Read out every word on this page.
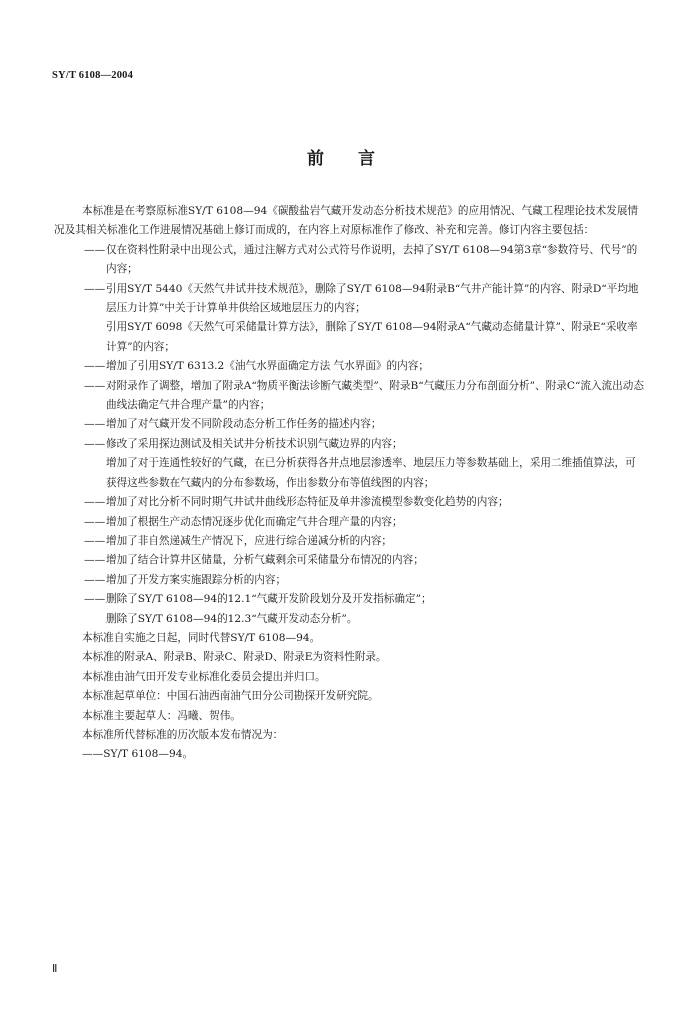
SY/T 6108—2004
前言

本标准是在考察原标准SY/T 6108—94《碳酸盐岩气藏开发动态分析技术规范》的应用情况、气藏工程理论技术发展情况及其相关标准化工作进展情况基础上修订而成的，在内容上对原标准作了修改、补充和完善。修订内容主要包括：

—— 仅在资料性附录中出现公式，通过注解方式对公式符号作说明，去掉了SY/T 6108—94第3章“参数符号、代号”的内容；
—— 引用SY/T 5440《天然气井试井技术规范》，删除了SY/T 6108—94附录B“气井产能计算”的内容、附录D“平均地层压力计算”中关于计算单井供给区域地层压力的内容；
引用SY/T 6098《天然气可采储量计算方法》，删除了SY/T 6108—94附录A“气藏动态储量计算”、附录E“采收率计算”的内容；
—— 增加了引用SY/T 6313.2《油气水界面确定方法 气水界面》的内容；
—— 对附录作了调整，增加了附录A“物质平衡法诊断气藏类型”、附录B“气藏压力分布剖面分析”、附录C“流入流出动态曲线法确定气井合理产量”的内容；
—— 增加了对气藏开发不同阶段动态分析工作任务的描述内容；
—— 修改了采用探边测试及相关试井分析技术识别气藏边界的内容；
增加了对于连通性较好的气藏，在已分析获得各井点地层渗透率、地层压力等参数基础上，采用二维插值算法，可获得这些参数在气藏内的分布参数场，作出参数分布等值线图的内容；
—— 增加了对比分析不同时期气井试井曲线形态特征及单井渗流模型参数变化趋势的内容；
—— 增加了根据生产动态情况逐步优化而确定气井合理产量的内容；
—— 增加了非自然递减生产情况下，应进行综合递减分析的内容；
—— 增加了结合计算井区储量，分析气藏剩余可采储量分布情况的内容；
—— 增加了开发方案实施跟踪分析的内容；
—— 删除了SY/T 6108—94的12.1“气藏开发阶段划分及开发指标确定”；
删除了SY/T 6108—94的12.3“气藏开发动态分析”。

本标准自实施之日起，同时代替SY/T 6108—94。

本标准的附录A、附录B、附录C、附录D、附录E为资料性附录。

本标准由油气田开发专业标准化委员会提出并归口。

本标准起草单位：中国石油西南油气田分公司勘探开发研究院。

本标准主要起草人：冯曦、贺伟。

本标准所代替标准的历次版本发布情况为：

——SY/T 6108—94。

Ⅱ
